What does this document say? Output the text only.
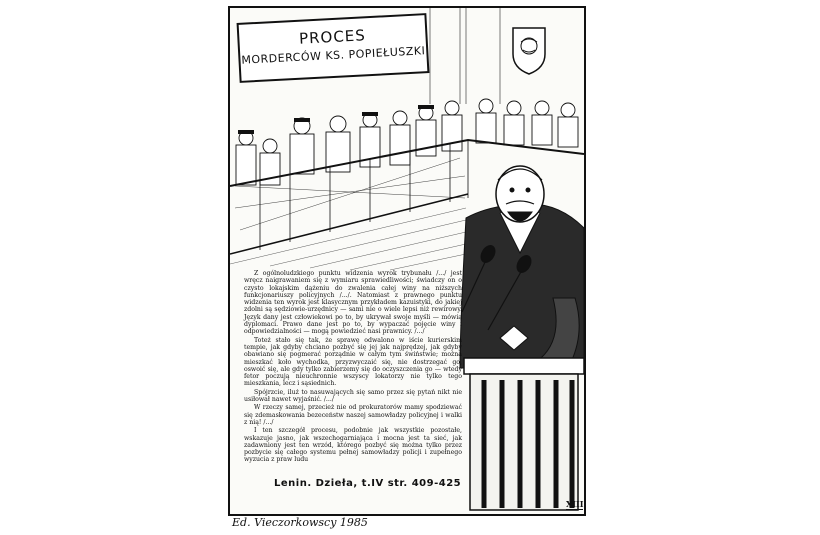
PROCES
MORDERCÓW KS. POPIEŁUSZKI

Z ogólnoludzkiego punktu widzenia wyrok trybunału /.../ jest wręcz naigrawaniem się z wymiaru sprawiedliwości; świadczy on o czysto lokajskim dążeniu do zwalenia całej winy na niższych funkcjonariuszy policyjnych /.../. Natomiast z prawnego punktu widzenia ten wyrok jest klasycznym przykładem kazuistyki, do jakiej zdolni są sędziowie-urzędnicy — sami nie o wiele lepsi niż rewirowy. Język dany jest człowiekowi po to, by ukrywał swoje myśli — mówią dyplomaci. Prawo dane jest po to, by wypaczać pojęcie winy i odpowiedzialności — mogą powiedzieć nasi prawnicy. /.../

Toteż stało się tak, że sprawę odwalono w iście kurierskim tempie, jak gdyby chciano pozbyć się jej jak najprędzej, jak gdyby obawiano się pogmerać porządnie w całym tym świństwie; można mieszkać koło wychodka, przyzwyczaić się, nie dostrzegać go, oswoić się, ale gdy tylko zabierzemy się do oczyszczenia go — wtedy fetor poczują nieuchronnie wszyscy lokatorzy nie tylko tego mieszkania, lecz i sąsiednich.

Spójrzcie, iluż to nasuwających się samo przez się pytań nikt nie usiłował nawet wyjaśnić. /.../

W rzeczy samej, przecież nie od prokuratorów mamy spodziewać się zdemaskowania bezeceństw naszej samowładzy policyjnej i walki z nią! /.../

I ten szczegół procesu, podobnie jak wszystkie pozostałe, wskazuje jasno, jak wszechogarniająca i mocna jest ta sieć, jak zadawniony jest ten wrzód, którego pozbyć się można tylko przez pozbycie się całego systemu pełnej samowładzy policji i zupełnego wyzucia z praw ludu

Lenin. Dzieła, t.IV str. 409-425
Ed. Vieczorkowscy 1985
XIII
